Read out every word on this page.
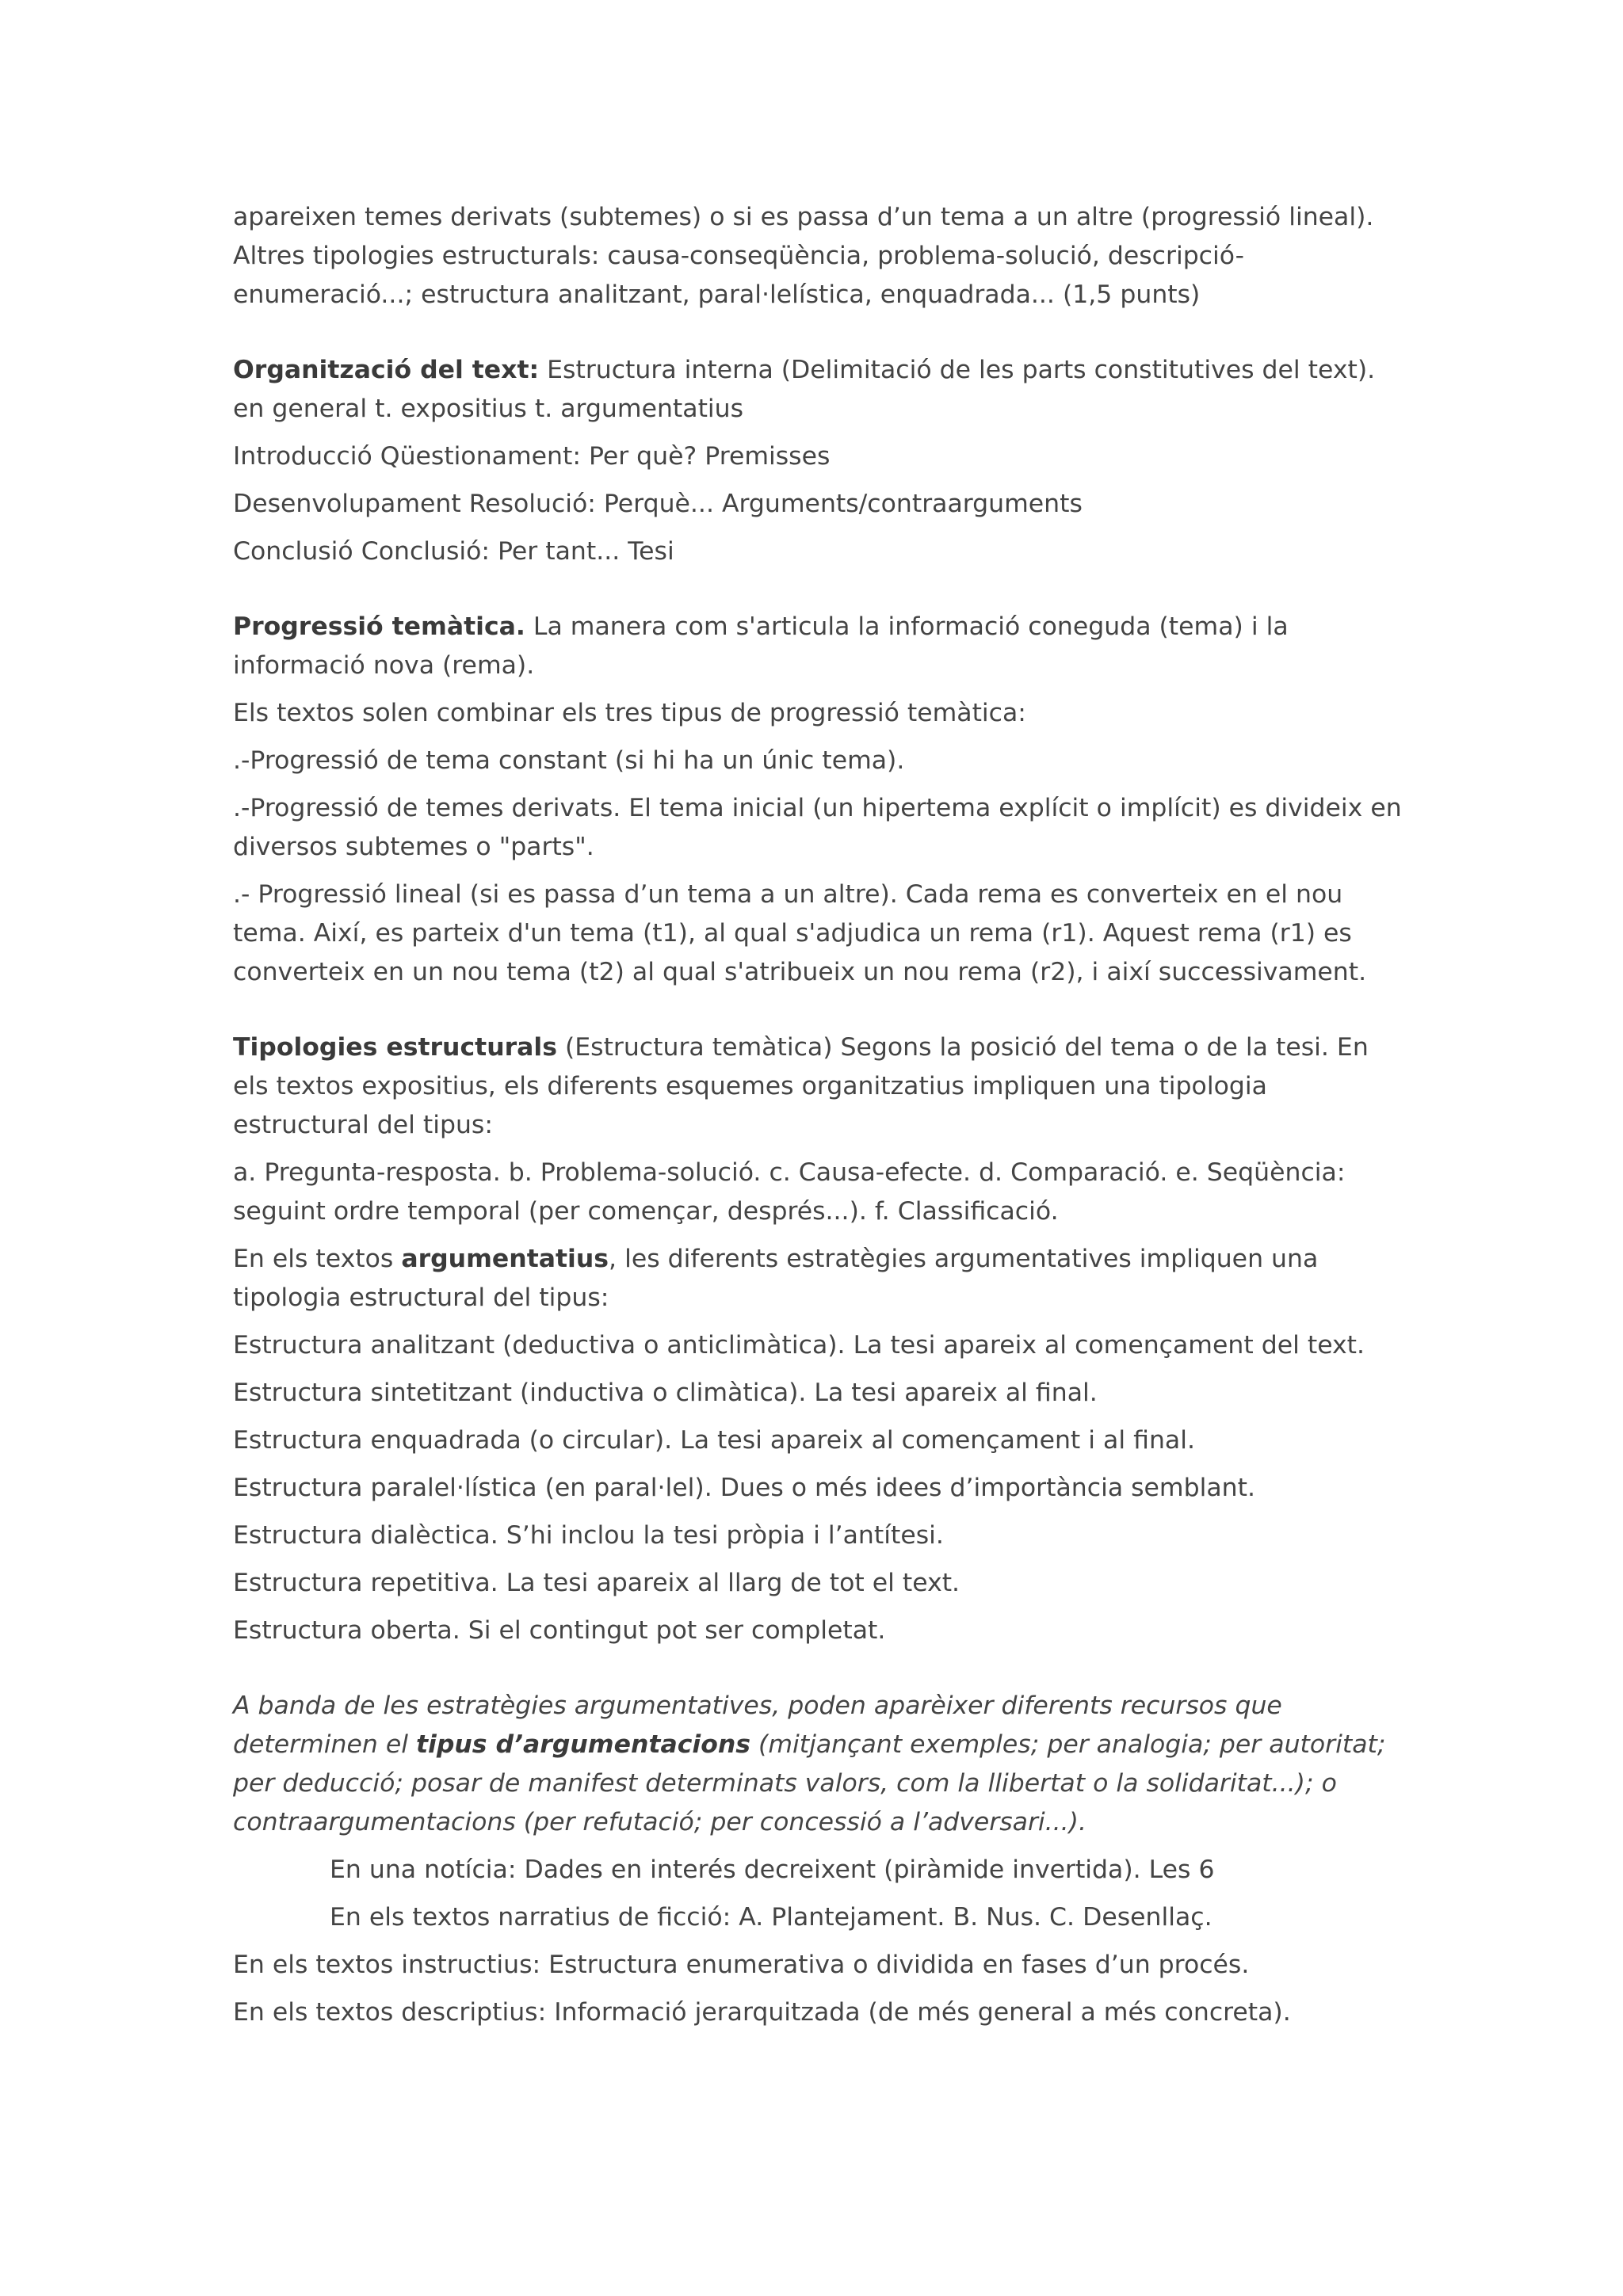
apareixen temes derivats (subtemes) o si es passa d’un tema a un altre (progressió lineal). Altres tipologies estructurals: causa-conseqüència, problema-solució, descripció-enumeració...; estructura analitzant, paral·lelística, enquadrada... (1,5 punts)

Organització del text: Estructura interna (Delimitació de les parts constitutives del text). en general t. expositius t. argumentatius

Introducció Qüestionament: Per què? Premisses

Desenvolupament Resolució: Perquè... Arguments/contraarguments

Conclusió Conclusió: Per tant... Tesi

Progressió temàtica. La manera com s'articula la informació coneguda (tema) i la informació nova (rema).

Els textos solen combinar els tres tipus de progressió temàtica:

.-Progressió de tema constant (si hi ha un únic tema).

.-Progressió de temes derivats. El tema inicial (un hipertema explícit o implícit) es divideix en diversos subtemes o "parts".

.- Progressió lineal (si es passa d’un tema a un altre). Cada rema es converteix en el nou tema. Així, es parteix d'un tema (t1), al qual s'adjudica un rema (r1). Aquest rema (r1) es converteix en un nou tema (t2) al qual s'atribueix un nou rema (r2), i així successivament.

Tipologies estructurals (Estructura temàtica) Segons la posició del tema o de la tesi. En els textos expositius, els diferents esquemes organitzatius impliquen una tipologia estructural del tipus:

a. Pregunta-resposta. b. Problema-solució. c. Causa-efecte. d. Comparació. e. Seqüència: seguint ordre temporal (per començar, després...). f. Classificació.

En els textos argumentatius, les diferents estratègies argumentatives impliquen una tipologia estructural del tipus:

Estructura analitzant (deductiva o anticlimàtica). La tesi apareix al començament del text.

Estructura sintetitzant (inductiva o climàtica). La tesi apareix al final.

Estructura enquadrada (o circular). La tesi apareix al començament i al final.

Estructura paralel·lística (en paral·lel). Dues o més idees d’importància semblant.

Estructura dialèctica. S’hi inclou la tesi pròpia i l’antítesi.

Estructura repetitiva. La tesi apareix al llarg de tot el text.

Estructura oberta. Si el contingut pot ser completat.

A banda de les estratègies argumentatives, poden aparèixer diferents recursos que determinen el tipus d’argumentacions (mitjançant exemples; per analogia; per autoritat; per deducció; posar de manifest determinats valors, com la llibertat o la solidaritat...); o contraargumentacions (per refutació; per concessió a l’adversari...).

En una notícia: Dades en interés decreixent (piràmide invertida). Les 6

En els textos narratius de ficció: A. Plantejament. B. Nus. C. Desenllaç.

En els textos instructius: Estructura enumerativa o dividida en fases d’un procés.

En els textos descriptius: Informació jerarquitzada (de més general a més concreta).
